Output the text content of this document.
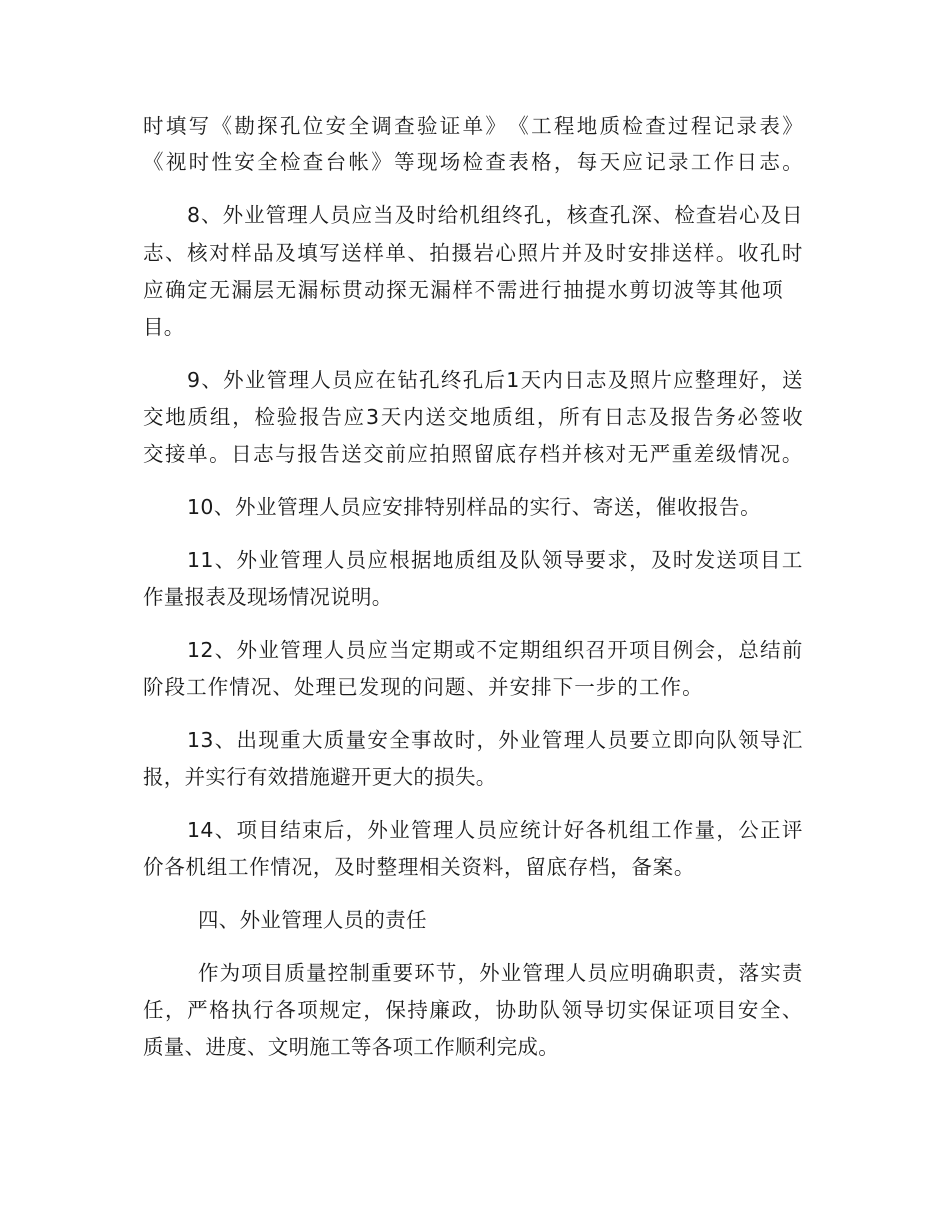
时 填 写 《 勘 探 孔 位 安 全 调 查 验 证 单 》 《 工 程 地 质 检 查 过 程 记 录 表 》
《 视 时 性 安 全 检 查 台 帐 》 等 现 场 检 查 表 格 ， 每 天 应 记 录 工 作 日 志 。
8 、 外 业 管 理 人 员 应 当 及 时 给 机 组 终 孔 ， 核 查 孔 深 、 检 查 岩 心 及 日
志 、 核 对 样 品 及 填 写 送 样 单 、 拍 摄 岩 心 照 片 并 及 时 安 排 送 样 。 收 孔 时
应 确 定 无 漏 层 无 漏 标 贯 动 探 无 漏 样 不 需 进 行 抽 提 水 剪 切 波 等 其 他 项
目。
9 、 外 业 管 理 人 员 应 在 钻 孔 终 孔 后 1 天 内 日 志 及 照 片 应 整 理 好 ， 送
交 地 质 组 ， 检 验 报 告 应 3 天 内 送 交 地 质 组 ， 所 有 日 志 及 报 告 务 必 签 收
交 接 单 。 日 志 与 报 告 送 交 前 应 拍 照 留 底 存 档 并 核 对 无 严 重 差 级 情 况 。
10 、 外 业 管 理 人 员 应 安 排 特 别 样 品 的 实 行 、 寄 送 ， 催 收 报 告 。
11 、 外 业 管 理 人 员 应 根 据 地 质 组 及 队 领 导 要 求 ， 及 时 发 送 项 目 工
作量报表及现场情况说明。
12 、 外 业 管 理 人 员 应 当 定 期 或 不 定 期 组 织 召 开 项 目 例 会 ， 总 结 前
阶 段 工 作 情 况 、 处 理 已 发 现 的 问 题 、 并 安 排 下 一 步 的 工 作 。
13 、 出 现 重 大 质 量 安 全 事 故 时 ， 外 业 管 理 人 员 要 立 即 向 队 领 导 汇
报，并实行有效措施避开更大的损失。
14 、 项 目 结 束 后 ， 外 业 管 理 人 员 应 统 计 好 各 机 组 工 作 量 ， 公 正 评
价 各 机 组 工 作 情 况 ， 及 时 整 理 相 关 资 料 ， 留 底 存 档 ， 备 案 。
四、外业管理人员的责任
作 为 项 目 质 量 控 制 重 要 环 节 ， 外 业 管 理 人 员 应 明 确 职 责 ， 落 实 责
任 ， 严 格 执 行 各 项 规 定 ， 保 持 廉 政 ， 协 助 队 领 导 切 实 保 证 项 目 安 全 、
质量、进度、文明施工等各项工作顺利完成。
